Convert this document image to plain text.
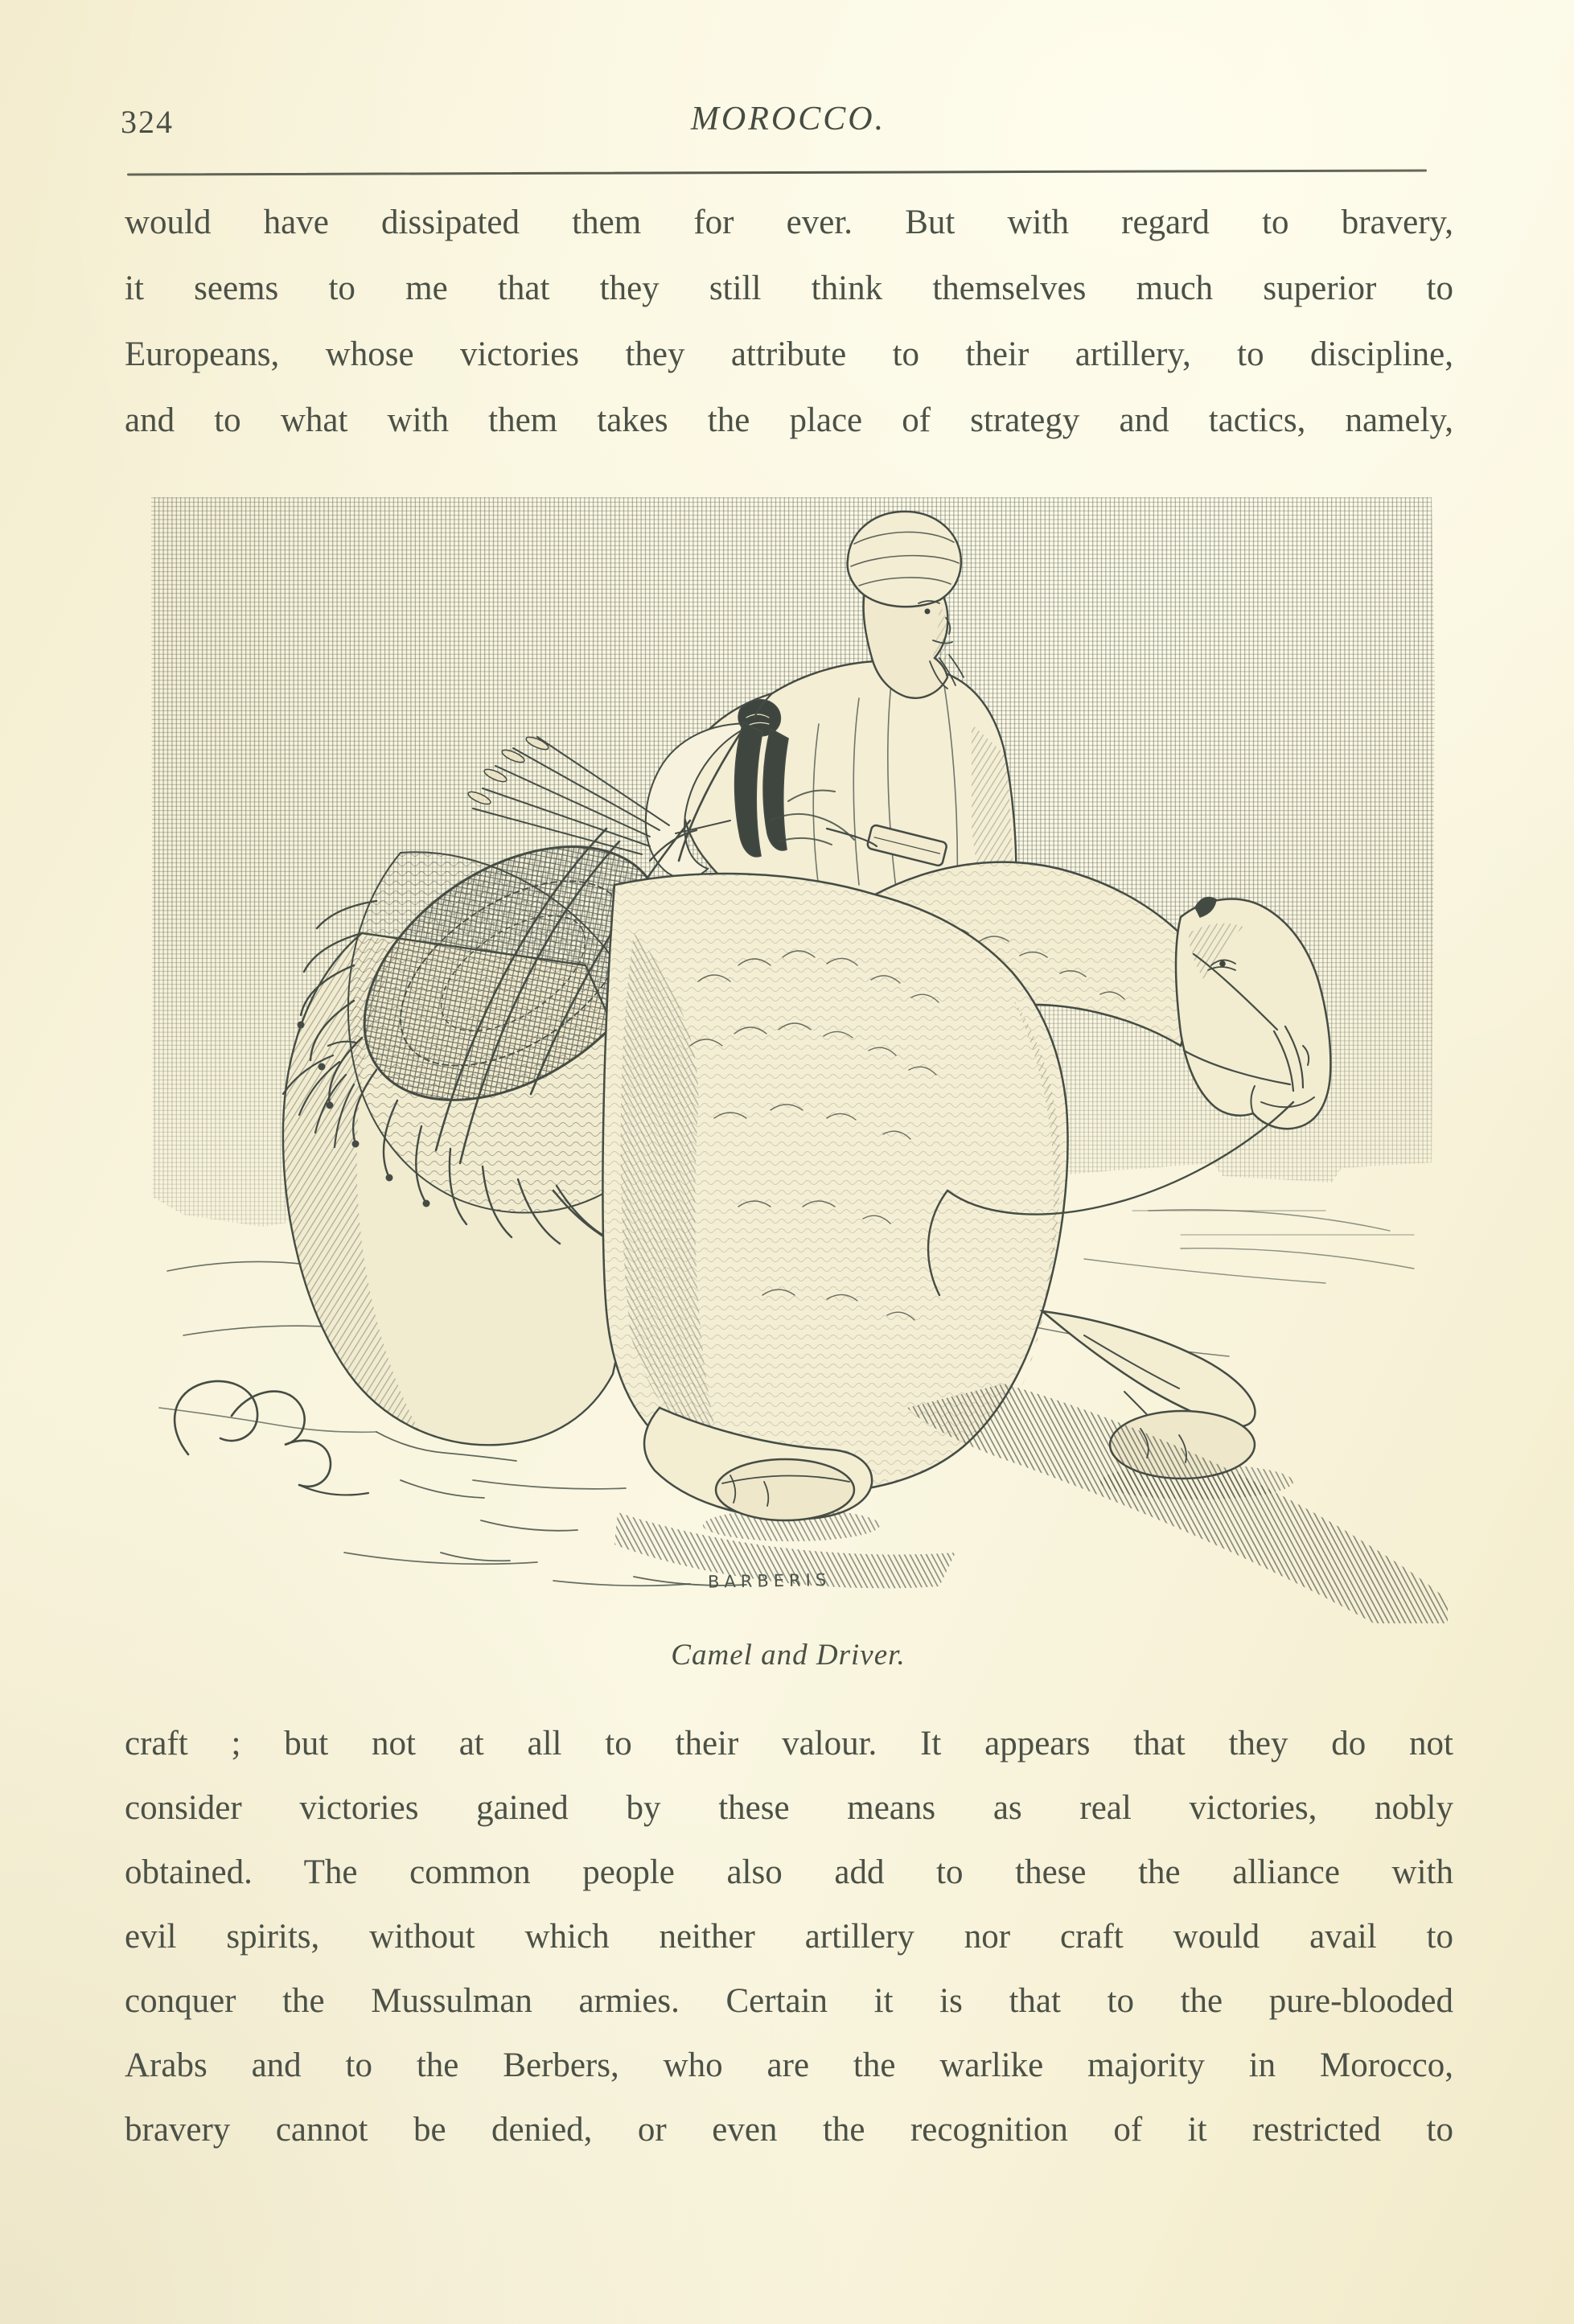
324	MOROCCO.
would have dissipated them for ever. But with regard to bravery,
it seems to me that they still think themselves much superior to
Europeans, whose victories they attribute to their artillery, to discipline,
and to what with them takes the place of strategy and tactics, namely,
BARBERIS
Camel and Driver.
craft ; but not at all to their valour. It appears that they do not
consider victories gained by these means as real victories, nobly
obtained. The common people also add to these the alliance with
evil spirits, without which neither artillery nor craft would avail to
conquer the Mussulman armies. Certain it is that to the pure-blooded
Arabs and to the Berbers, who are the warlike majority in Morocco,
bravery cannot be denied, or even the recognition of it restricted to
